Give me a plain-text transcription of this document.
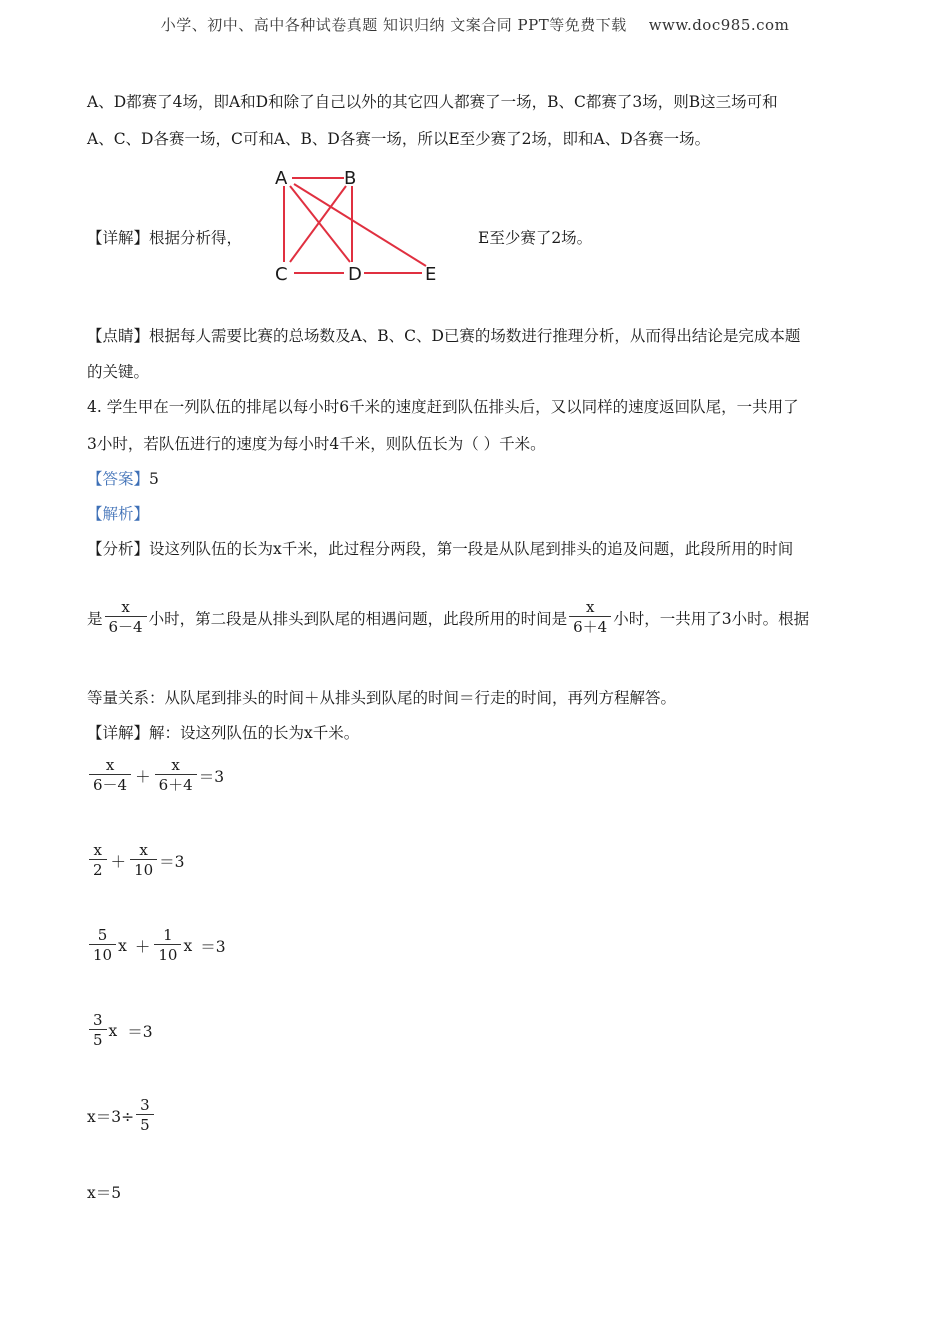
小学、初中、高中各种试卷真题 知识归纳 文案合同 PPT等免费下载 www.doc985.com
A、D都赛了4场，即A和D和除了自己以外的其它四人都赛了一场，B、C都赛了3场，则B这三场可和
A、C、D各赛一场，C可和A、B、D各赛一场，所以E至少赛了2场，即和A、D各赛一场。
【详解】根据分析得，
A	B
C	D	E
E至少赛了2场。
【点睛】根据每人需要比赛的总场数及A、B、C、D已赛的场数进行推理分析，从而得出结论是完成本题
的关键。
4. 学生甲在一列队伍的排尾以每小时6千米的速度赶到队伍排头后，又以同样的速度返回队尾，一共用了
3小时，若队伍进行的速度为每小时4千米，则队伍长为（ ）千米。
【答案】5
【解析】
【分析】设这列队伍的长为x千米，此过程分两段，第一段是从队尾到排头的追及问题，此段所用的时间
是 $\frac{x}{6-4}$ 小时，第二段是从排头到队尾的相遇问题，此段所用的时间是 $\frac{x}{6+4}$ 小时，一共用了3小时。根据
等量关系：从队尾到排头的时间＋从排头到队尾的时间＝行走的时间，再列方程解答。
【详解】解：设这列队伍的长为x千米。
$\frac{x}{6-4} + \frac{x}{6+4} =3$
$\frac{x}{2} + \frac{x}{10} =3$
$\frac{5}{10}$ $x + \frac{1}{10}$ x ＝3
$\frac{3}{5}$ x ＝3
$x=3\div \frac{3}{5}$
x＝5
